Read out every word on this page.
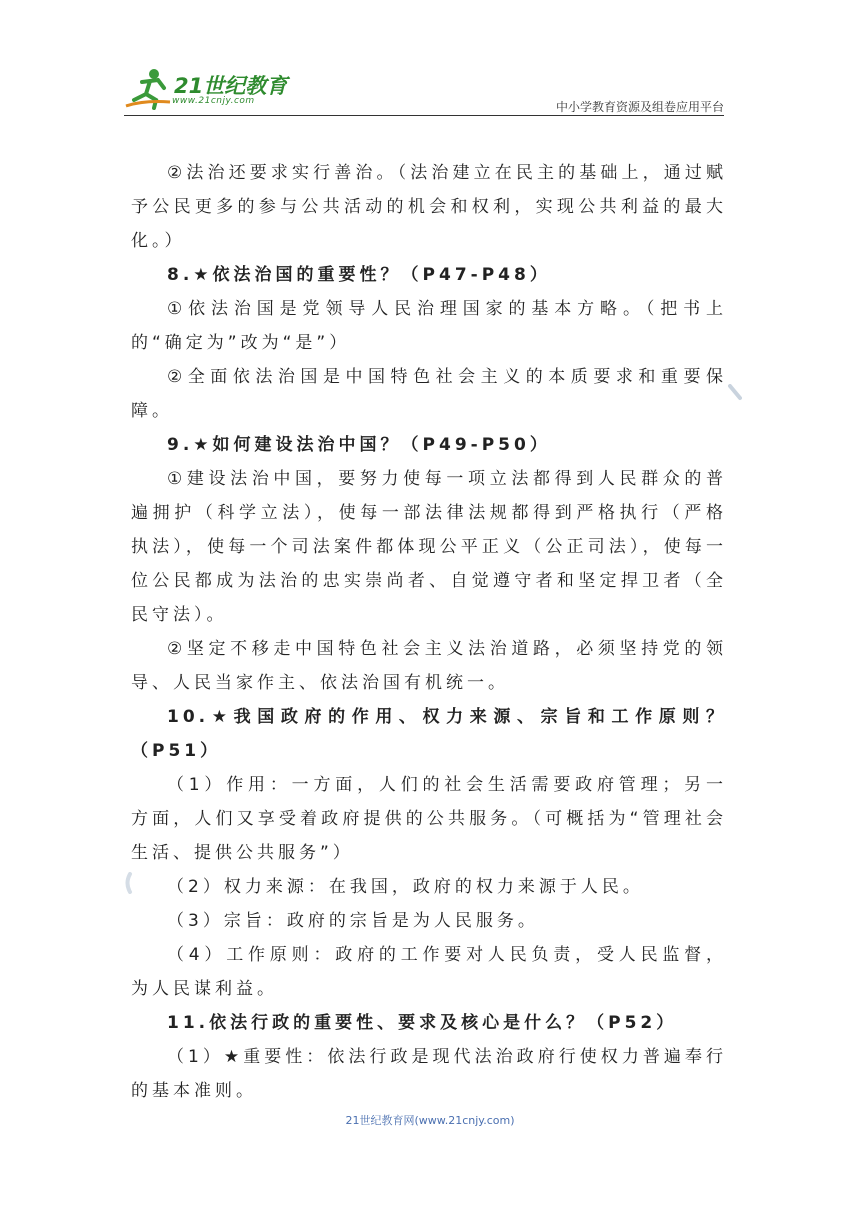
21世纪教育
www.21cnjy.com	中小学教育资源及组卷应用平台

②法治还要求实行善治。（法治建立在民主的基础上，通过赋予公民更多的参与公共活动的机会和权利，实现公共利益的最大化。）

8.★依法治国的重要性？（P47-P48）

①依法治国是党领导人民治理国家的基本方略。（把书上的“确定为”改为“是”）

②全面依法治国是中国特色社会主义的本质要求和重要保障。

9.★如何建设法治中国？（P49-P50）

①建设法治中国，要努力使每一项立法都得到人民群众的普遍拥护（科学立法），使每一部法律法规都得到严格执行（严格执法），使每一个司法案件都体现公平正义（公正司法），使每一位公民都成为法治的忠实崇尚者、自觉遵守者和坚定捍卫者（全民守法）。

②坚定不移走中国特色社会主义法治道路，必须坚持党的领导、人民当家作主、依法治国有机统一。

10.★我国政府的作用、权力来源、宗旨和工作原则？（P51）

（1）作用：一方面，人们的社会生活需要政府管理；另一方面，人们又享受着政府提供的公共服务。（可概括为“管理社会生活、提供公共服务”）

（2）权力来源：在我国，政府的权力来源于人民。

（3）宗旨：政府的宗旨是为人民服务。

（4）工作原则：政府的工作要对人民负责，受人民监督，为人民谋利益。

11.依法行政的重要性、要求及核心是什么？（P52）

（1）★重要性：依法行政是现代法治政府行使权力普遍奉行的基本准则。

21世纪教育网(www.21cnjy.com)
